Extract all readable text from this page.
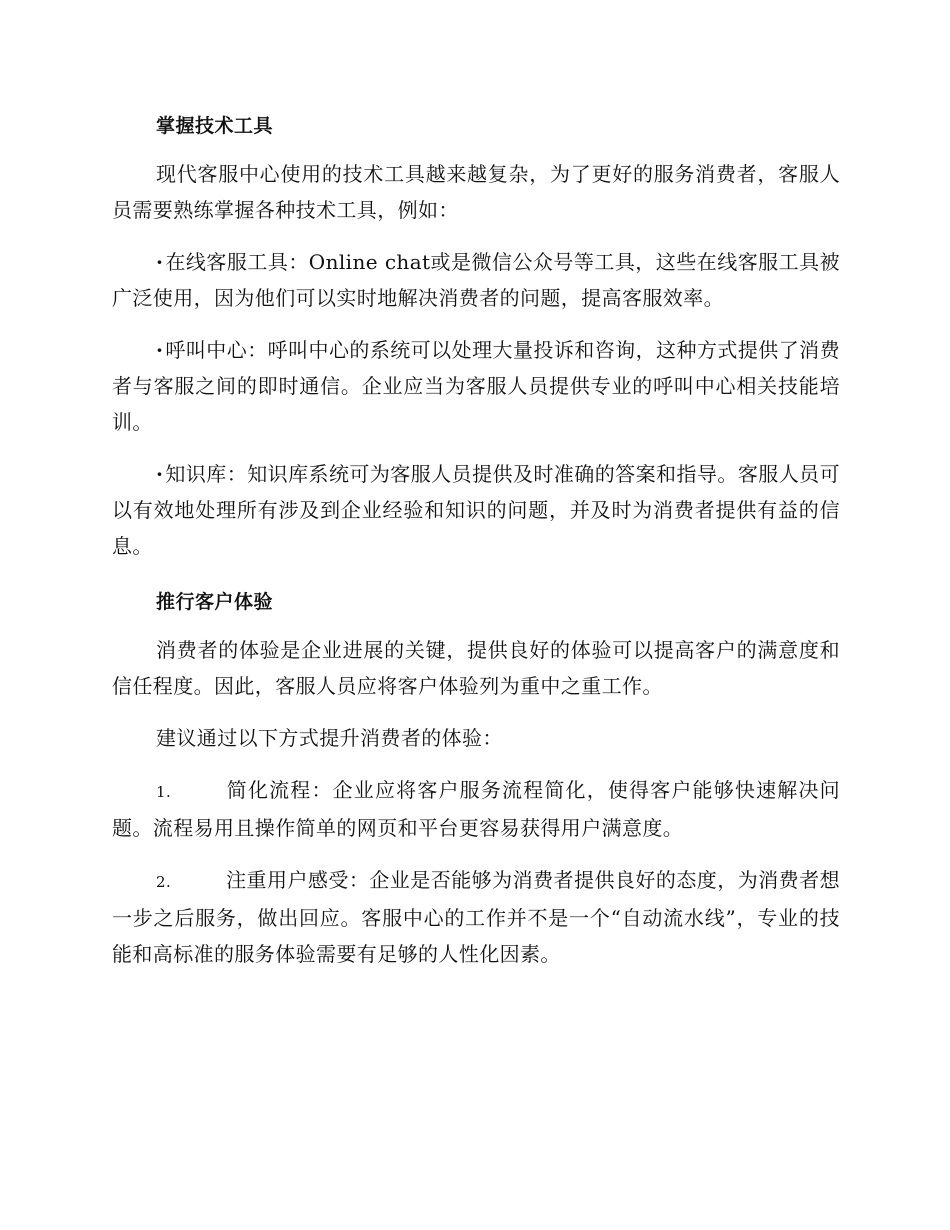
掌握技术工具

现代客服中心使用的技术工具越来越复杂，为了更好的服务消费者，客服人员需要熟练掌握各种技术工具，例如：

· 在线客服工具：Online chat或是微信公众号等工具，这些在线客服工具被广泛使用，因为他们可以实时地解决消费者的问题，提高客服效率。

· 呼叫中心：呼叫中心的系统可以处理大量投诉和咨询，这种方式提供了消费者与客服之间的即时通信。企业应当为客服人员提供专业的呼叫中心相关技能培训。

· 知识库：知识库系统可为客服人员提供及时准确的答案和指导。客服人员可以有效地处理所有涉及到企业经验和知识的问题，并及时为消费者提供有益的信息。

推行客户体验

消费者的体验是企业进展的关键，提供良好的体验可以提高客户的满意度和信任程度。因此，客服人员应将客户体验列为重中之重工作。

建议通过以下方式提升消费者的体验：

1.	简化流程：企业应将客户服务流程简化，使得客户能够快速解决问题。流程易用且操作简单的网页和平台更容易获得用户满意度。

2.	注重用户感受：企业是否能够为消费者提供良好的态度，为消费者想一步之后服务，做出回应。客服中心的工作并不是一个“自动流水线”，专业的技能和高标准的服务体验需要有足够的人性化因素。
